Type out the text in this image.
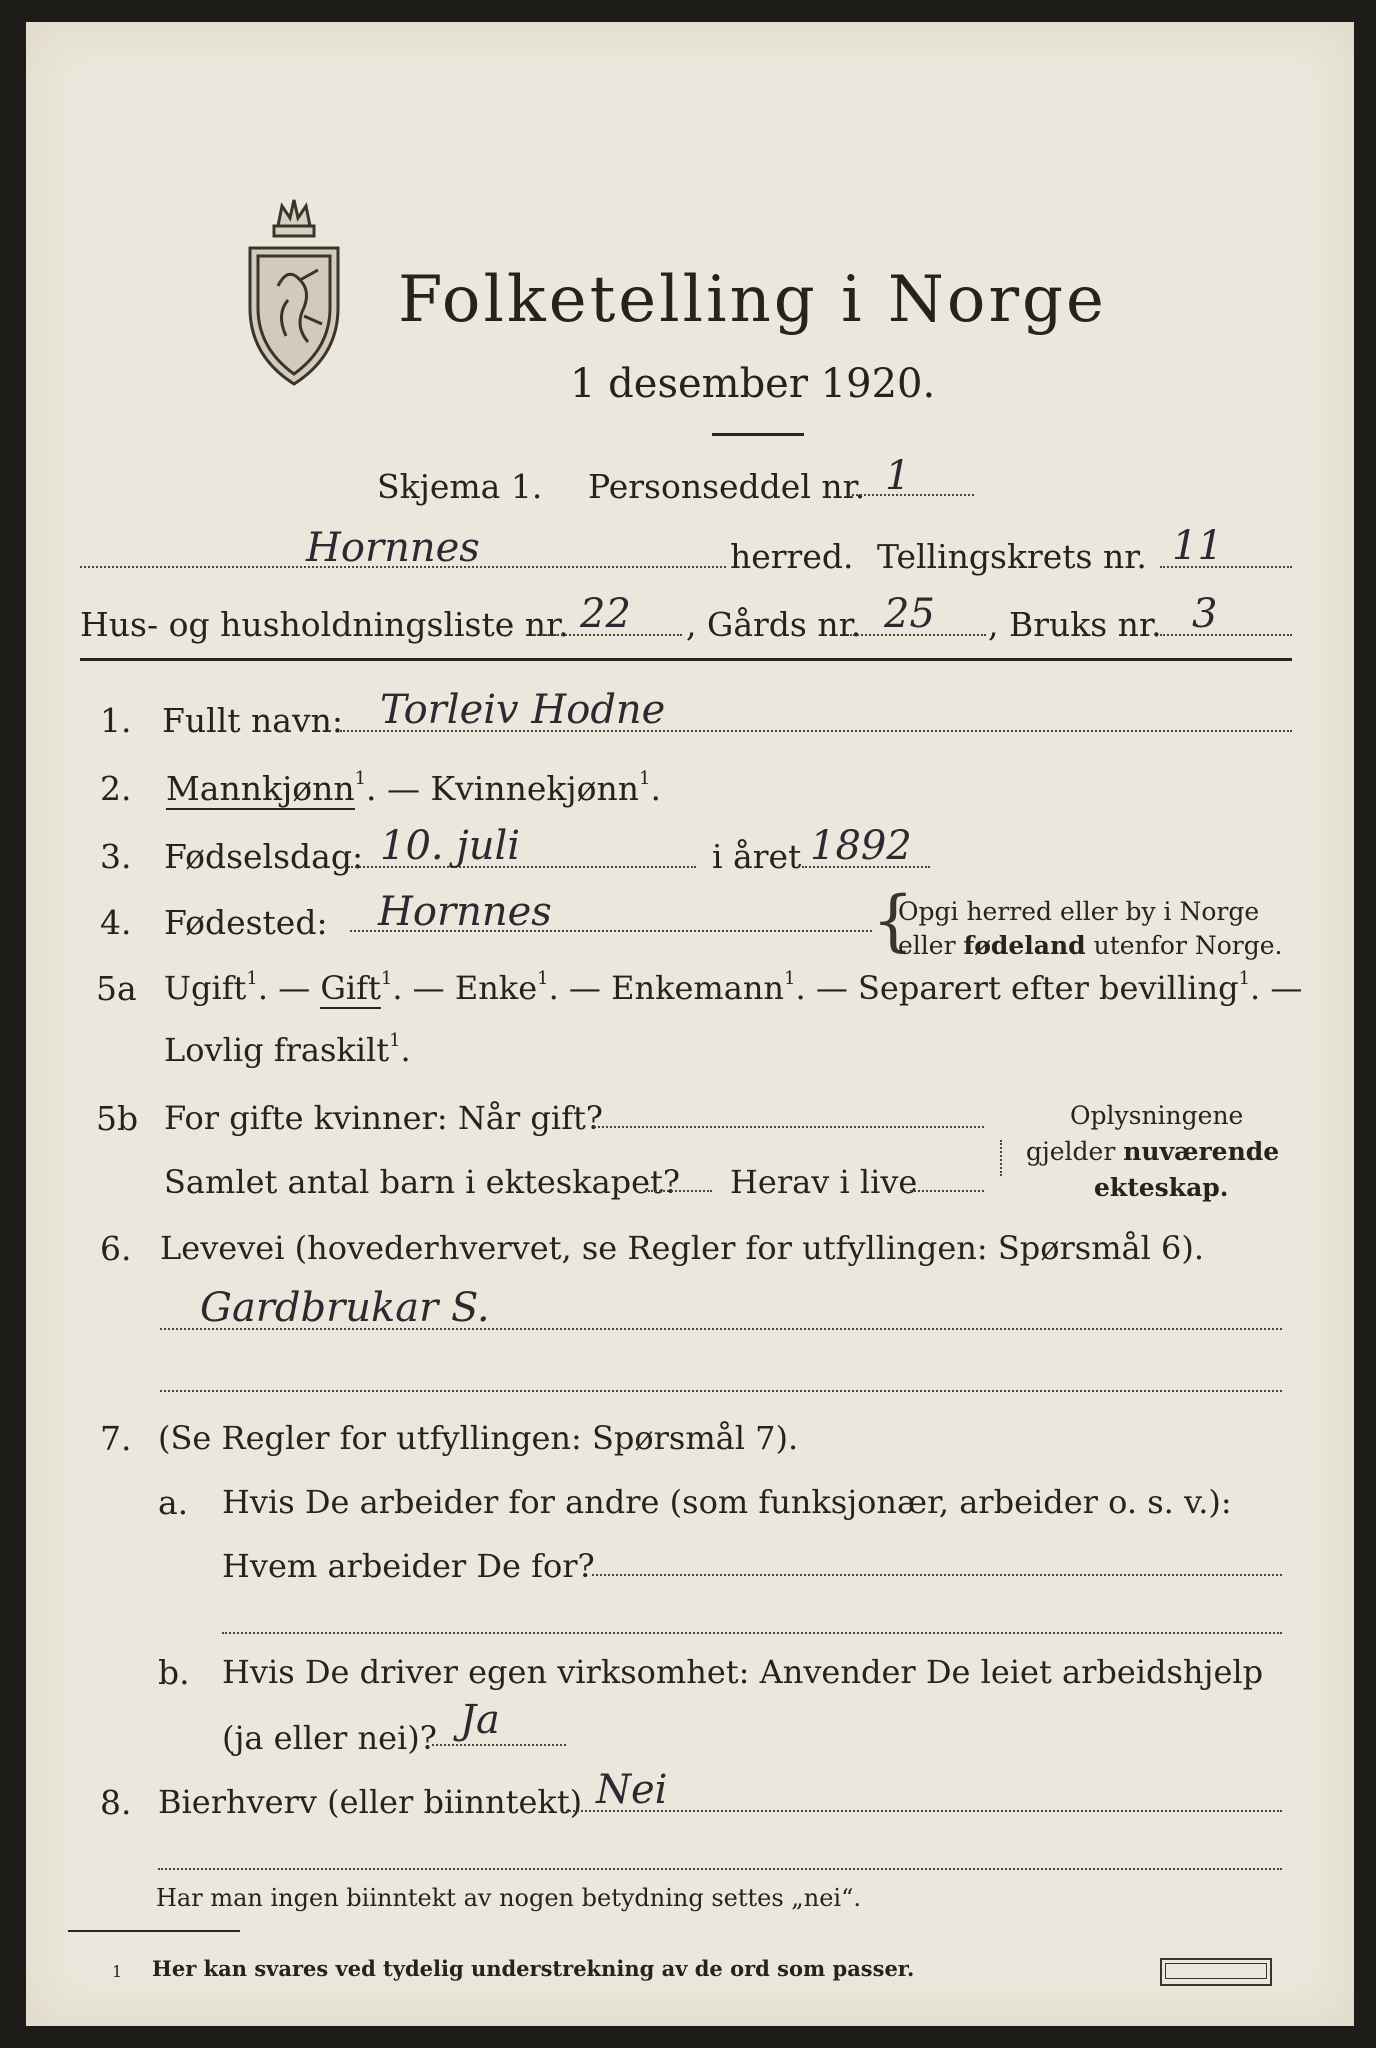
Folketelling i Norge
1 desember 1920.
Skjema 1. Personseddel nr. 1
Hornnes	herred. Tellingskrets nr. 11
Hus- og husholdningsliste nr. 22 , Gårds nr. 25 , Bruks nr. 3
1. Fullt navn: Torleiv Hodne
2. Mannkjønn$^1$. — Kvinnekjønn$^1$.
3. Fødselsdag: 10. juli	i året 1892
4. Fødested: Hornnes	{
Opgi herred eller by i Norge
eller fødeland utenfor Norge.
5a Ugift$^1$. — Gift$^1$. — Enke$^1$. — Enkemann$^1$. — Separert efter bevilling$^1$. —
Lovlig fraskilt$^1$.
5b For gifte kvinner: Når gift?
Samlet antal barn i ekteskapet? Herav i live
Oplysningene
gjelder nuværende
ekteskap.
6. Levevei (hovederhvervet, se Regler for utfyllingen: Spørsmål 6).
Gardbrukar S.
7. (Se Regler for utfyllingen: Spørsmål 7).
a. Hvis De arbeider for andre (som funksjonær, arbeider o. s. v.):
Hvem arbeider De for?
b. Hvis De driver egen virksomhet: Anvender De leiet arbeidshjelp
(ja eller nei)? Ja
8. Bierhverv (eller biinntekt) Nei
Har man ingen biinntekt av nogen betydning settes „nei“.
1 Her kan svares ved tydelig understrekning av de ord som passer.
